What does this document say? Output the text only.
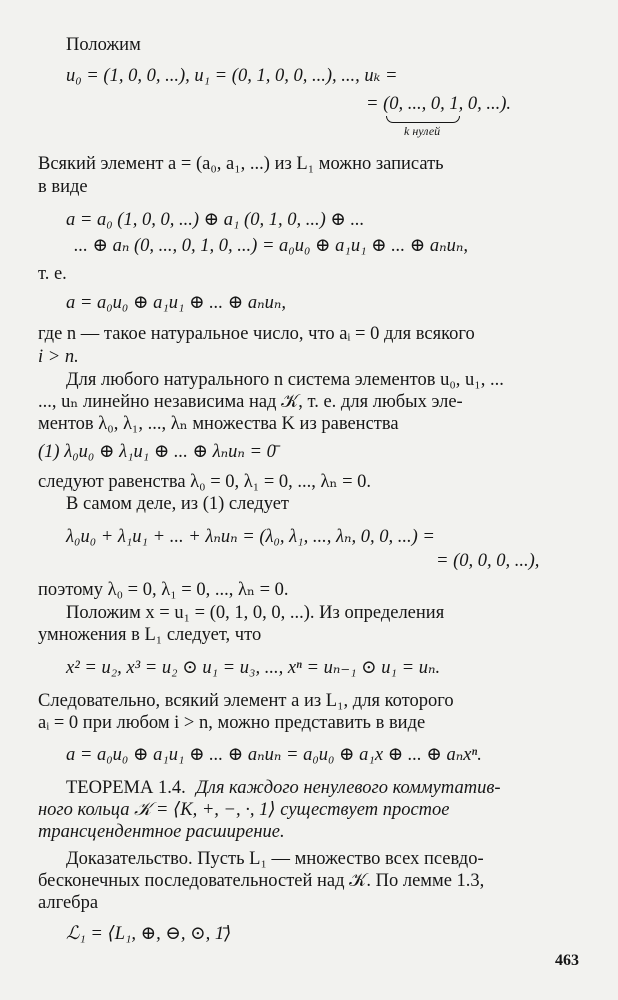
Положим
u₀ = (1, 0, 0, ...), u₁ = (0, 1, 0, 0, ...), ..., uₖ =
= (0, ..., 0, 1, 0, ...).
k нулей
Всякий элемент a = (a₀, a₁, ...) из L₁ можно записать
в виде
a = a₀ (1, 0, 0, ...) ⊕ a₁ (0, 1, 0, ...) ⊕ ...
... ⊕ aₙ (0, ..., 0, 1, 0, ...) = a₀u₀ ⊕ a₁u₁ ⊕ ... ⊕ aₙuₙ,
т. е.
a = a₀u₀ ⊕ a₁u₁ ⊕ ... ⊕ aₙuₙ,
где n — такое натуральное число, что aᵢ = 0 для всякого
i > n.
Для любого натурального n система элементов u₀, u₁, ...
..., uₙ линейно независима над 𝒦, т. е. для любых эле-
ментов λ₀, λ₁, ..., λₙ множества K из равенства
(1) λ₀u₀ ⊕ λ₁u₁ ⊕ ... ⊕ λₙuₙ = 0̄
следуют равенства λ₀ = 0, λ₁ = 0, ..., λₙ = 0.
В самом деле, из (1) следует
λ₀u₀ + λ₁u₁ + ... + λₙuₙ = (λ₀, λ₁, ..., λₙ, 0, 0, ...) =
= (0, 0, 0, ...),
поэтому λ₀ = 0, λ₁ = 0, ..., λₙ = 0.
Положим x = u₁ = (0, 1, 0, 0, ...). Из определения
умножения в L₁ следует, что
x² = u₂, x³ = u₂ ⊙ u₁ = u₃, ..., xⁿ = uₙ₋₁ ⊙ u₁ = uₙ.
Следовательно, всякий элемент a из L₁, для которого
aᵢ = 0 при любом i > n, можно представить в виде
a = a₀u₀ ⊕ a₁u₁ ⊕ ... ⊕ aₙuₙ = a₀u₀ ⊕ a₁x ⊕ ... ⊕ aₙxⁿ.
ТЕОРЕМА 1.4. Для каждого ненулевого коммутатив-
ного кольца 𝒦 = ⟨K, +, −, ·, 1⟩ существует простое
трансцендентное расширение.
Доказательство. Пусть L₁ — множество всех псевдо-
бесконечных последовательностей над 𝒦. По лемме 1.3,
алгебра
ℒ₁ = ⟨L₁, ⊕, ⊖, ⊙, 1̄⟩
463
